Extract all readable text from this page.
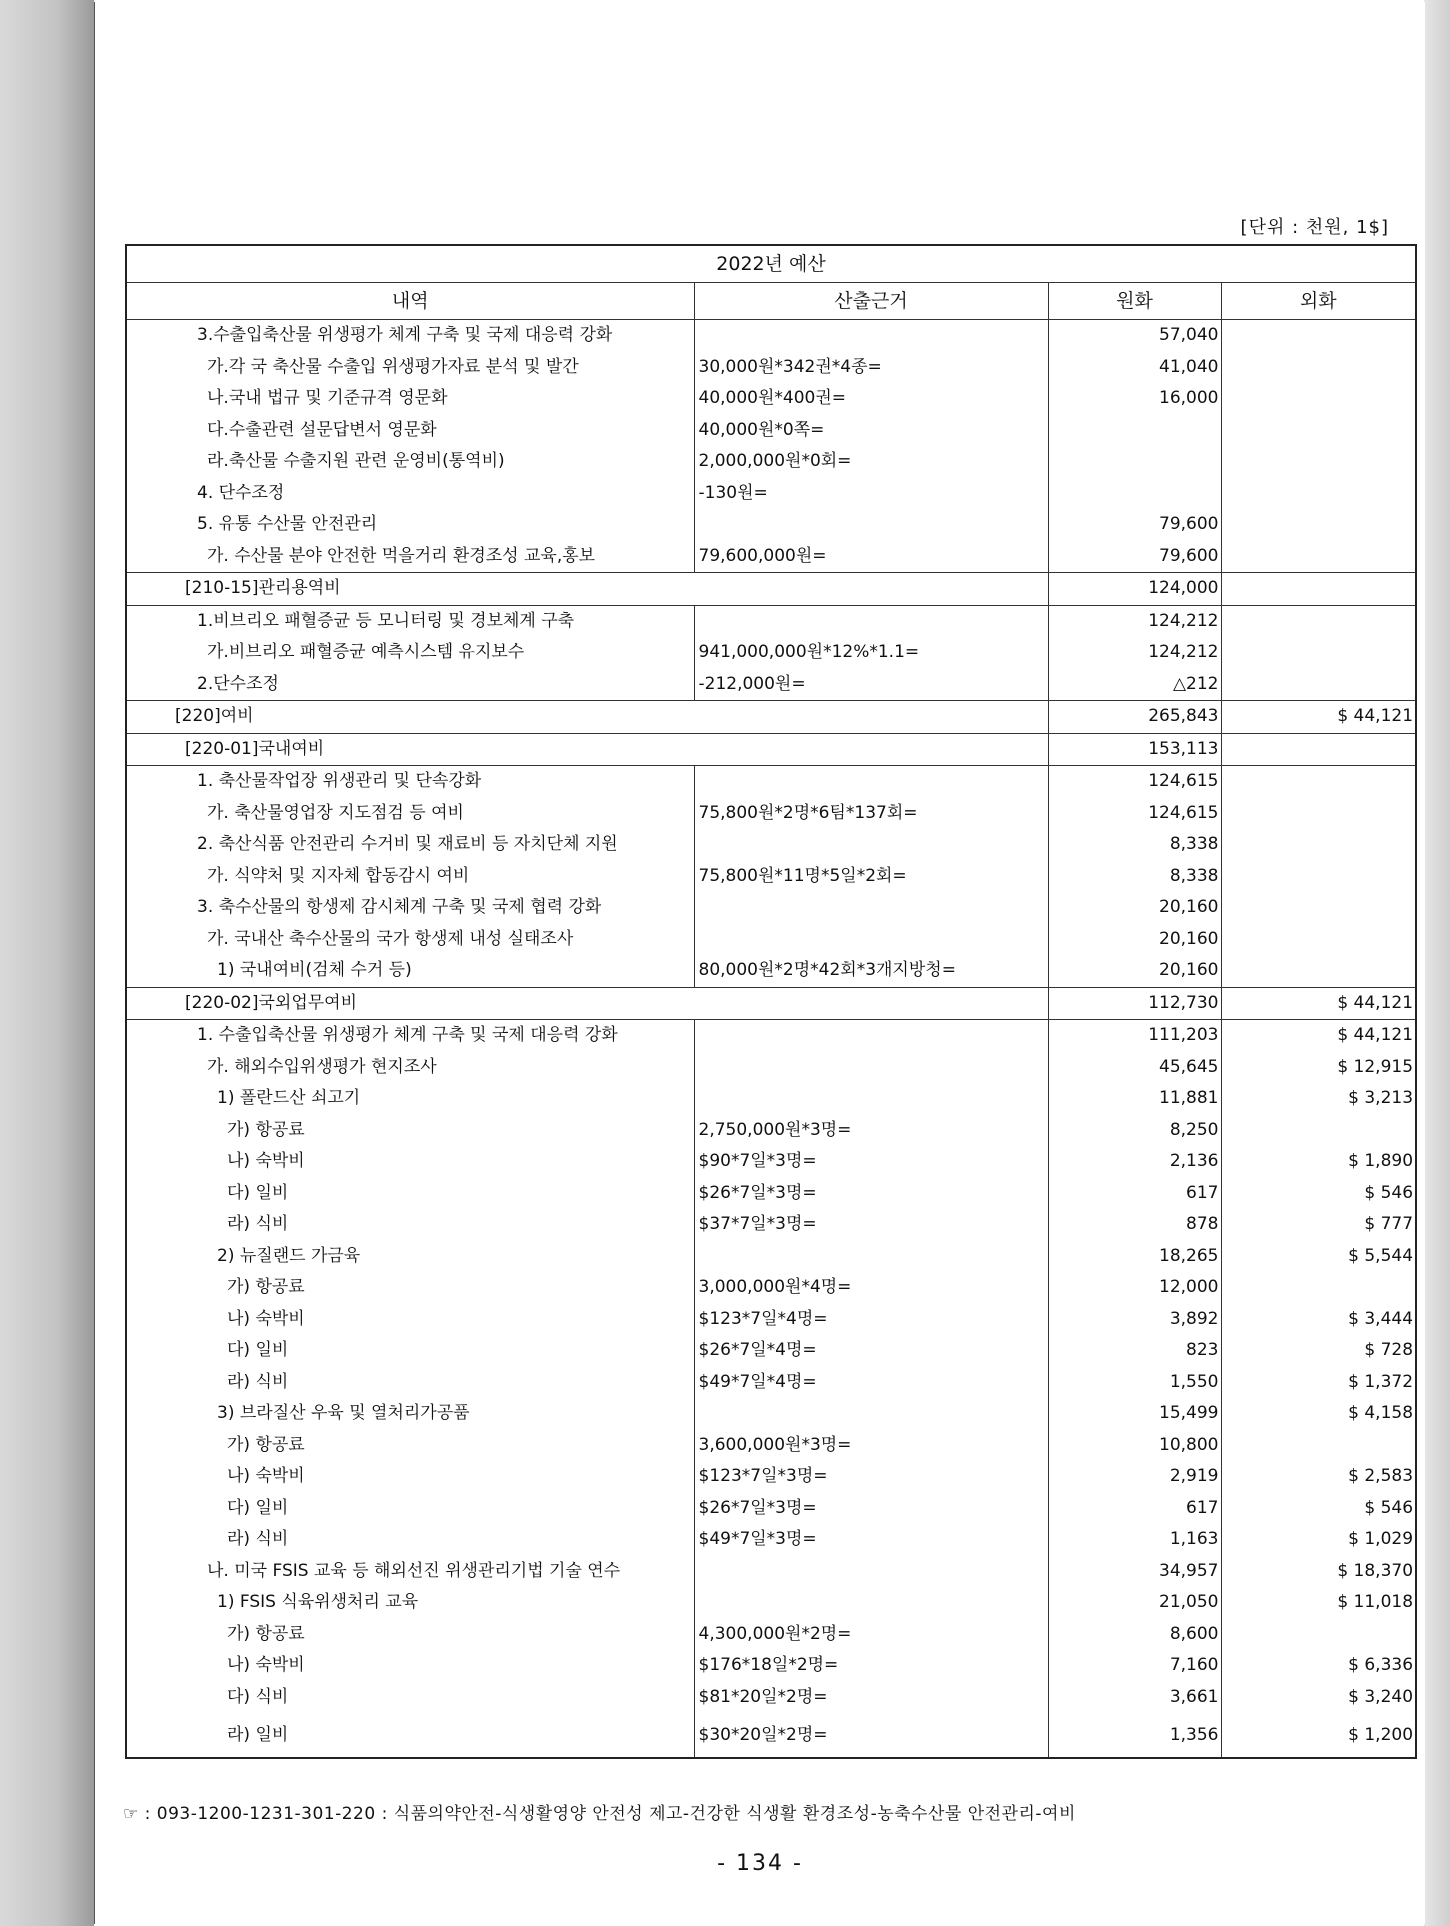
[단위 : 천원, 1$]
2022년 예산			
내역	산출근거	원화	외화
3.수출입축산물 위생평가 체계 구축 및 국제 대응력 강화		57,040	
가.각 국 축산물 수출입 위생평가자료 분석 및 발간	30,000원*342권*4종=	41,040	
나.국내 법규 및 기준규격 영문화	40,000원*400권=	16,000	
다.수출관련 설문답변서 영문화	40,000원*0쪽=		
라.축산물 수출지원 관련 운영비(통역비)	2,000,000원*0회=		
4. 단수조정	-130원=		
5. 유통 수산물 안전관리		79,600	
가. 수산물 분야 안전한 먹을거리 환경조성 교육,홍보	79,600,000원=	79,600	
[210-15]관리용역비		124,000	
1.비브리오 패혈증균 등 모니터링 및 경보체계 구축		124,212	
가.비브리오 패혈증균 예측시스템 유지보수	941,000,000원*12%*1.1=	124,212	
2.단수조정	-212,000원=	△212	
[220]여비		265,843	$ 44,121
[220-01]국내여비		153,113	
1. 축산물작업장 위생관리 및 단속강화		124,615	
가. 축산물영업장 지도점검 등 여비	75,800원*2명*6팀*137회=	124,615	
2. 축산식품 안전관리 수거비 및 재료비 등 자치단체 지원		8,338	
가. 식약처 및 지자체 합동감시 여비	75,800원*11명*5일*2회=	8,338	
3. 축수산물의 항생제 감시체계 구축 및 국제 협력 강화		20,160	
가. 국내산 축수산물의 국가 항생제 내성 실태조사		20,160	
1) 국내여비(검체 수거 등)	80,000원*2명*42회*3개지방청=	20,160	
[220-02]국외업무여비		112,730	$ 44,121
1. 수출입축산물 위생평가 체계 구축 및 국제 대응력 강화		111,203	$ 44,121
가. 해외수입위생평가 현지조사		45,645	$ 12,915
1) 폴란드산 쇠고기		11,881	$ 3,213
가) 항공료	2,750,000원*3명=	8,250	
나) 숙박비	$90*7일*3명=	2,136	$ 1,890
다) 일비	$26*7일*3명=	617	$ 546
라) 식비	$37*7일*3명=	878	$ 777
2) 뉴질랜드 가금육		18,265	$ 5,544
가) 항공료	3,000,000원*4명=	12,000	
나) 숙박비	$123*7일*4명=	3,892	$ 3,444
다) 일비	$26*7일*4명=	823	$ 728
라) 식비	$49*7일*4명=	1,550	$ 1,372
3) 브라질산 우육 및 열처리가공품		15,499	$ 4,158
가) 항공료	3,600,000원*3명=	10,800	
나) 숙박비	$123*7일*3명=	2,919	$ 2,583
다) 일비	$26*7일*3명=	617	$ 546
라) 식비	$49*7일*3명=	1,163	$ 1,029
나. 미국 FSIS 교육 등 해외선진 위생관리기법 기술 연수		34,957	$ 18,370
1) FSIS 식육위생처리 교육		21,050	$ 11,018
가) 항공료	4,300,000원*2명=	8,600	
나) 숙박비	$176*18일*2명=	7,160	$ 6,336
다) 식비	$81*20일*2명=	3,661	$ 3,240
라) 일비	$30*20일*2명=	1,356	$ 1,200
☞ : 093-1200-1231-301-220 : 식품의약안전-식생활영양 안전성 제고-건강한 식생활 환경조성-농축수산물 안전관리-여비
- 134 -
